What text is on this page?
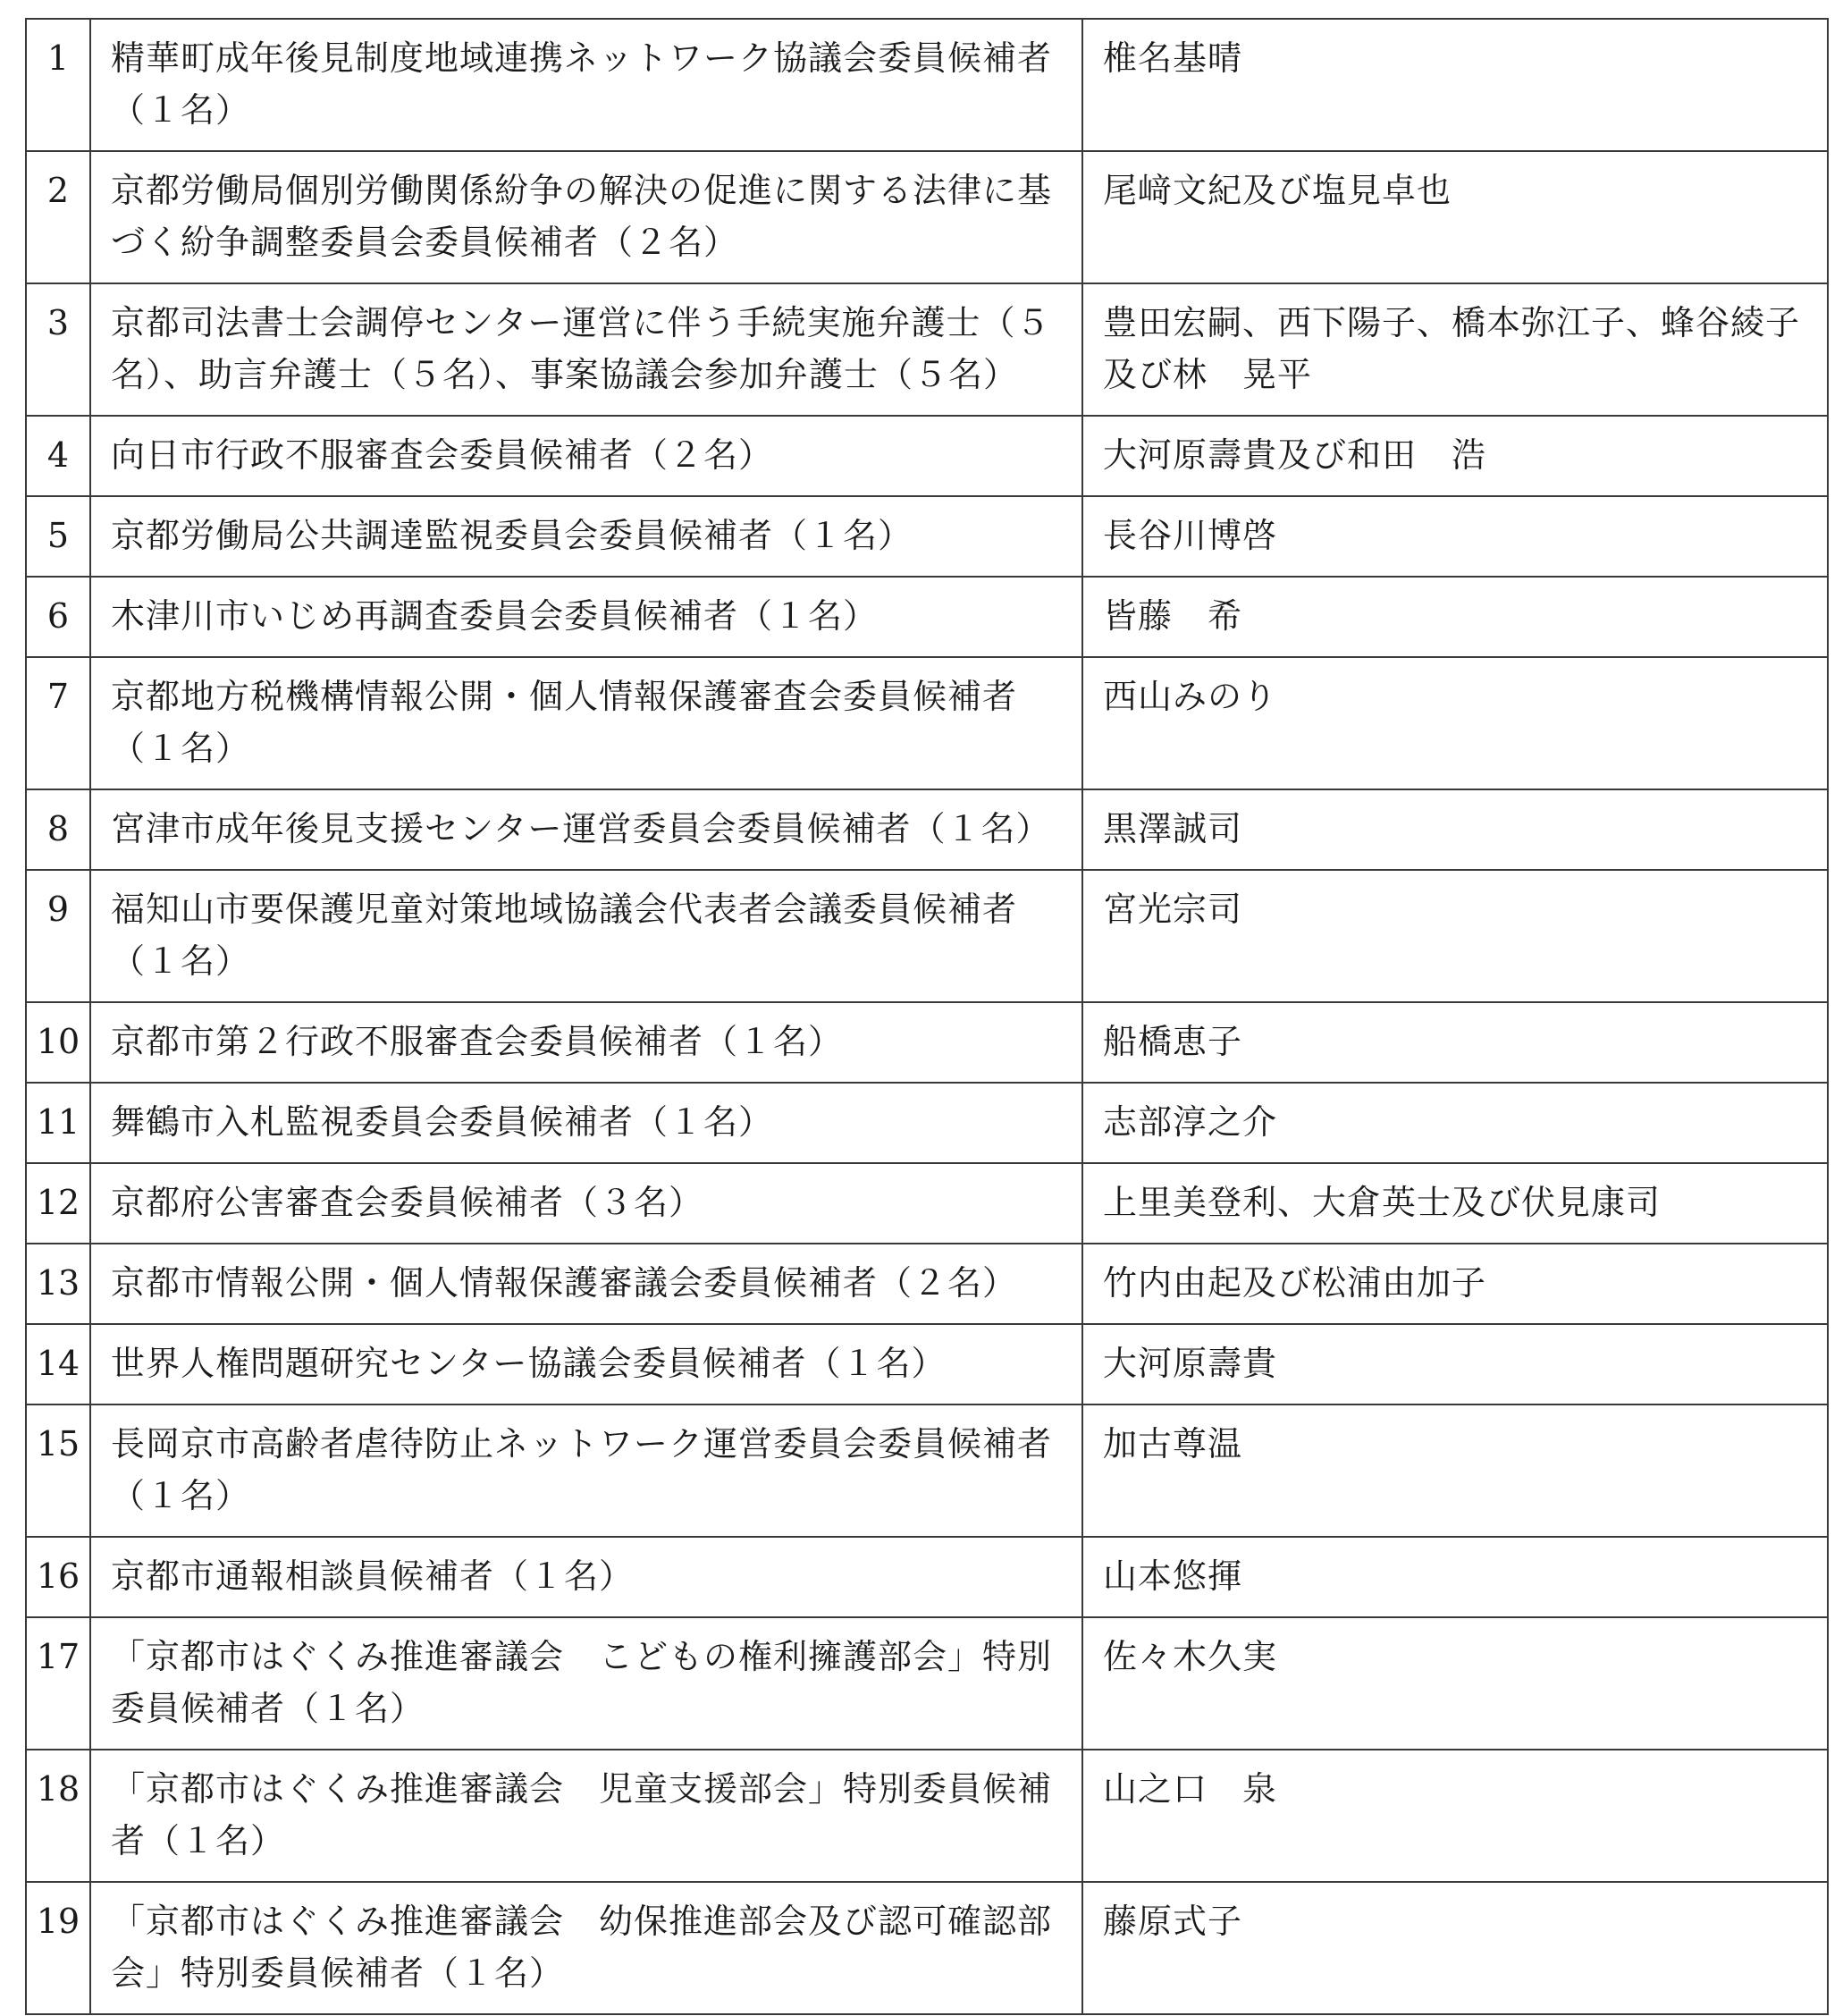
1	精華町成年後見制度地域連携ネットワーク協議会委員候補者（１名）	椎名基晴
2	京都労働局個別労働関係紛争の解決の促進に関する法律に基づく紛争調整委員会委員候補者（２名）	尾﨑文紀及び塩見卓也
3	京都司法書士会調停センター運営に伴う手続実施弁護士（５名）、助言弁護士（５名）、事案協議会参加弁護士（５名）	豊田宏嗣、西下陽子、橋本弥江子、蜂谷綾子及び林　晃平
4	向日市行政不服審査会委員候補者（２名）	大河原壽貴及び和田　浩
5	京都労働局公共調達監視委員会委員候補者（１名）	長谷川博啓
6	木津川市いじめ再調査委員会委員候補者（１名）	皆藤　希
7	京都地方税機構情報公開・個人情報保護審査会委員候補者（１名）	西山みのり
8	宮津市成年後見支援センター運営委員会委員候補者（１名）	黒澤誠司
9	福知山市要保護児童対策地域協議会代表者会議委員候補者（１名）	宮光宗司
10	京都市第２行政不服審査会委員候補者（１名）	船橋恵子
11	舞鶴市入札監視委員会委員候補者（１名）	志部淳之介
12	京都府公害審査会委員候補者（３名）	上里美登利、大倉英士及び伏見康司
13	京都市情報公開・個人情報保護審議会委員候補者（２名）	竹内由起及び松浦由加子
14	世界人権問題研究センター協議会委員候補者（１名）	大河原壽貴
15	長岡京市高齢者虐待防止ネットワーク運営委員会委員候補者（１名）	加古尊温
16	京都市通報相談員候補者（１名）	山本悠揮
17	「京都市はぐくみ推進審議会　こどもの権利擁護部会」特別委員候補者（１名）	佐々木久実
18	「京都市はぐくみ推進審議会　児童支援部会」特別委員候補者（１名）	山之口　泉
19	「京都市はぐくみ推進審議会　幼保推進部会及び認可確認部会」特別委員候補者（１名）	藤原式子
